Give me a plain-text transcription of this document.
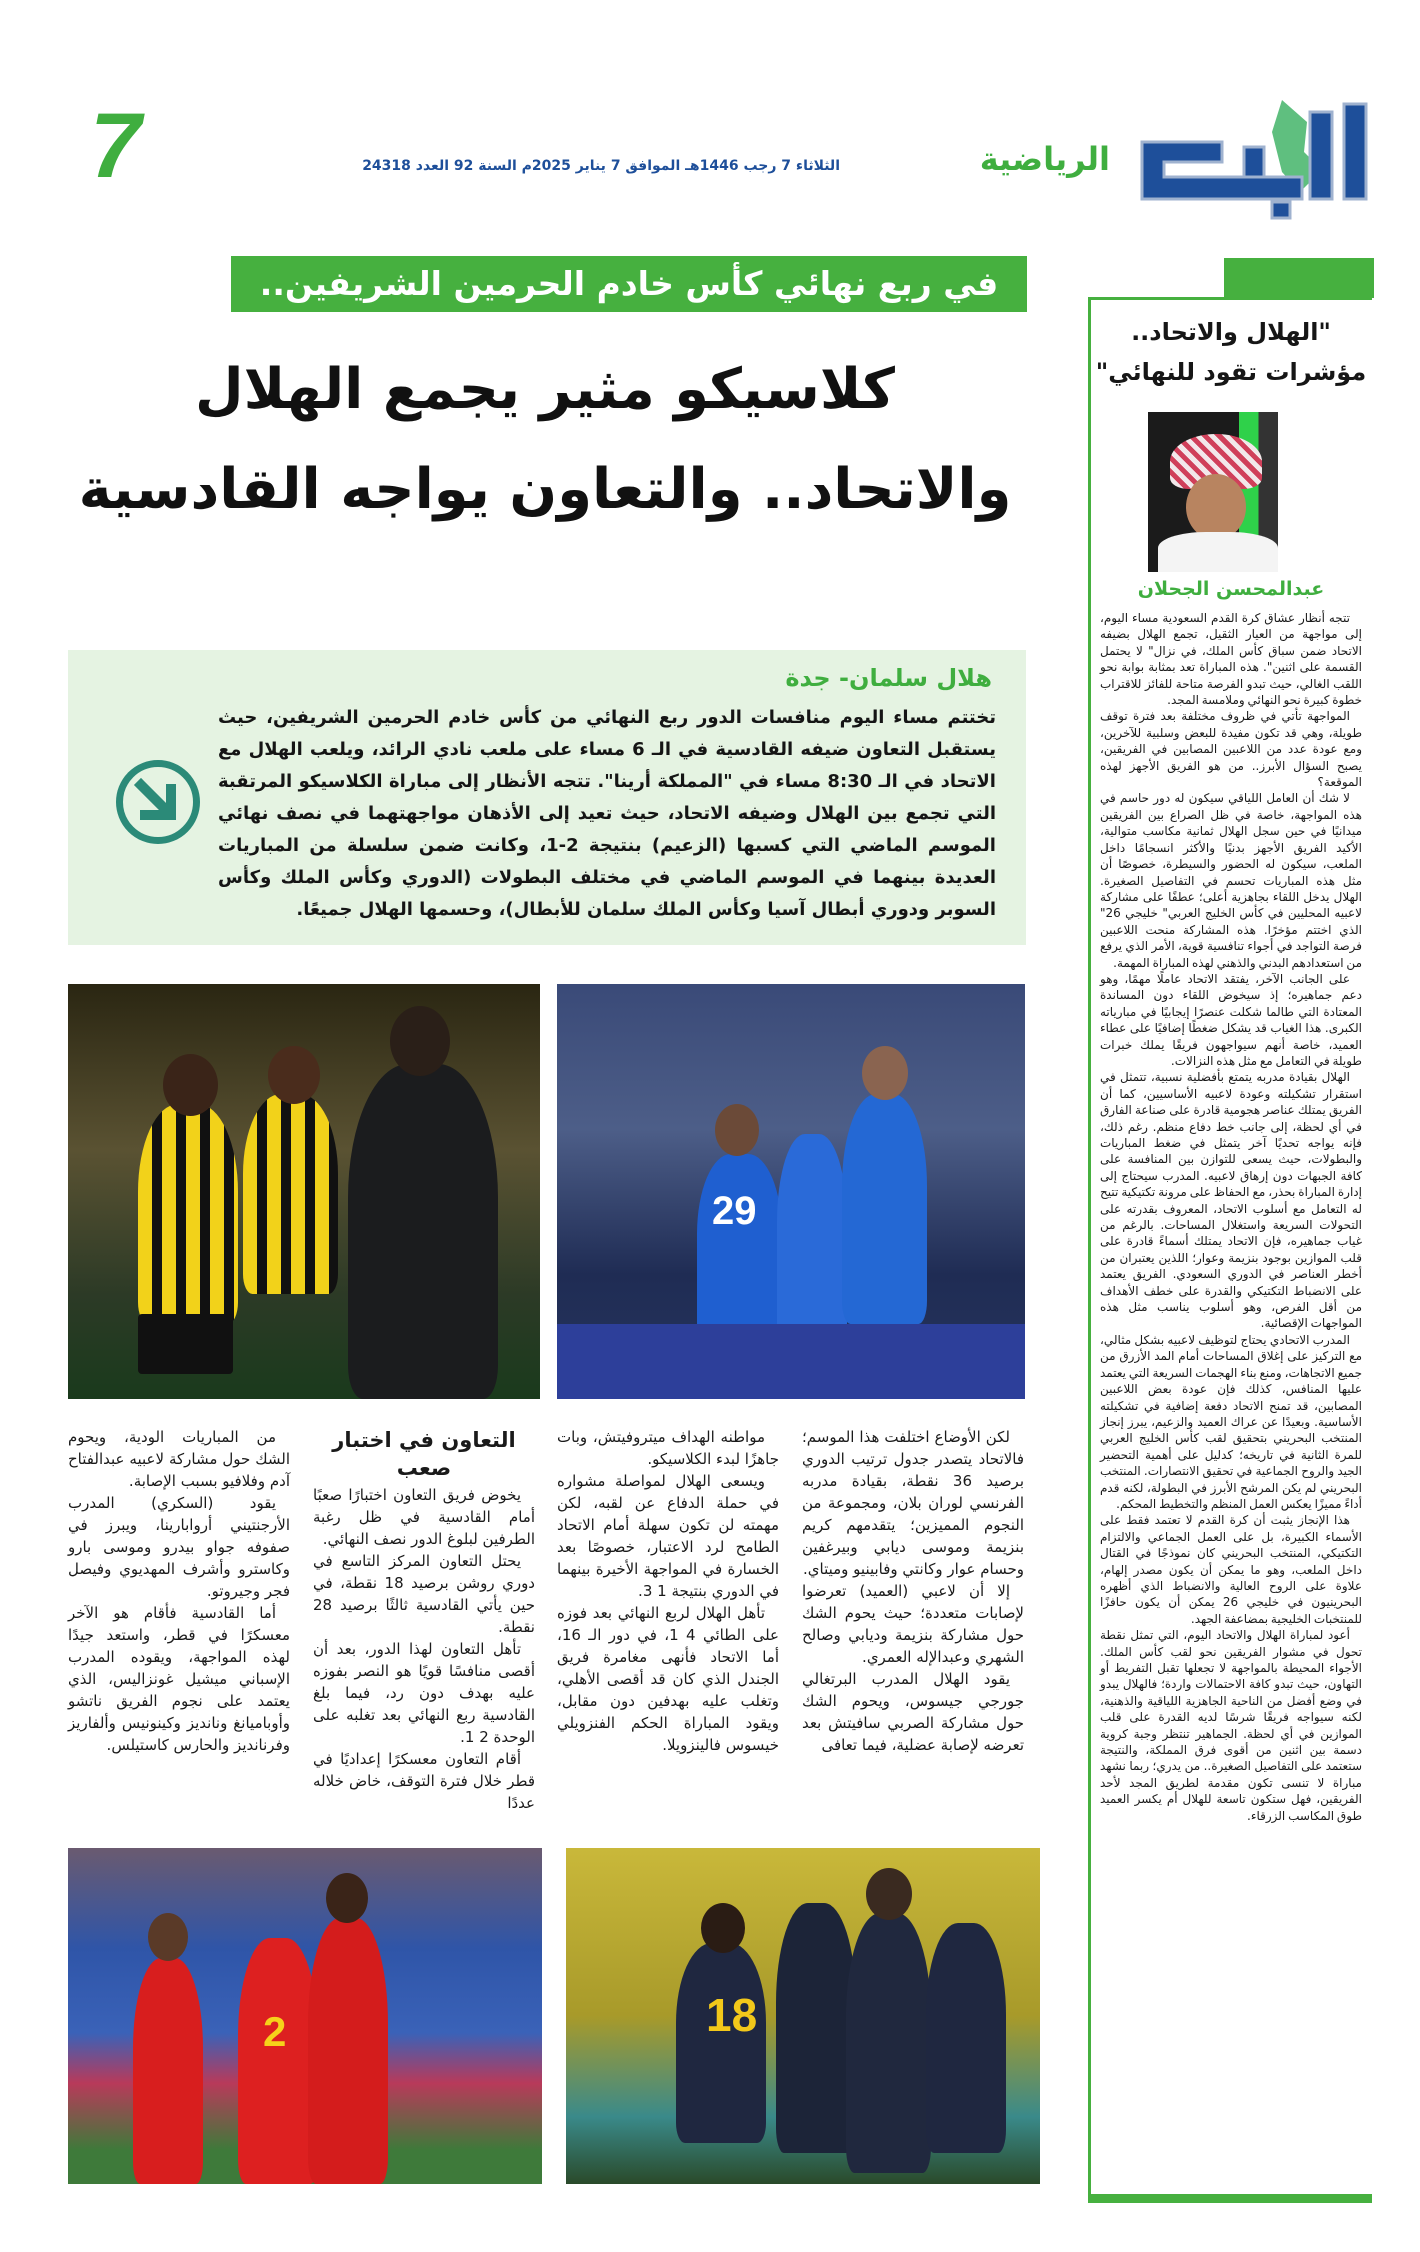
الرياضية
الثلاثاء 7 رجب 1446هـ الموافق 7 يناير 2025م السنة 92 العدد 24318
7
في ربع نهائي كأس خادم الحرمين الشريفين..
كلاسيكو مثير يجمع الهلال
والاتحاد.. والتعاون يواجه القادسية
هلال سلمان- جدة
تختتم مساء اليوم منافسات الدور ربع النهائي من كأس خادم الحرمين الشريفين، حيث يستقبل التعاون ضيفه القادسية في الـ 6 مساء على ملعب نادي الرائد، ويلعب الهلال مع الاتحاد في الـ 8:30 مساء في "المملكة أرينا". تتجه الأنظار إلى مباراة الكلاسيكو المرتقبة التي تجمع بين الهلال وضيفه الاتحاد، حيث تعيد إلى الأذهان مواجهتهما في نصف نهائي الموسم الماضي التي كسبها (الزعيم) بنتيجة 2-1، وكانت ضمن سلسلة من المباريات العديدة بينهما في الموسم الماضي في مختلف البطولات (الدوري وكأس الملك وكأس السوبر ودوري أبطال آسيا وكأس الملك سلمان للأبطال)، وحسمها الهلال جميعًا.
29

لكن الأوضاع اختلفت هذا الموسم؛ فالاتحاد يتصدر جدول ترتيب الدوري برصيد 36 نقطة، بقيادة مدربه الفرنسي لوران بلان، ومجموعة من النجوم المميزين؛ يتقدمهم كريم بنزيمة وموسى ديابي وبيرغفين وحسام عوار وكانتي وفابينيو وميتاي.

إلا أن لاعبي (العميد) تعرضوا لإصابات متعددة؛ حيث يحوم الشك حول مشاركة بنزيمة وديابي وصالح الشهري وعبدالإله العمري.

يقود الهلال المدرب البرتغالي جورجي جيسوس، ويحوم الشك حول مشاركة الصربي سافيتش بعد تعرضه لإصابة عضلية، فيما تعافى

مواطنه الهداف ميتروفيتش، وبات جاهزًا لبدء الكلاسيكو.

ويسعى الهلال لمواصلة مشواره في حملة الدفاع عن لقبه، لكن مهمته لن تكون سهلة أمام الاتحاد الطامح لرد الاعتبار، خصوصًا بعد الخسارة في المواجهة الأخيرة بينهما في الدوري بنتيجة 1 3.

تأهل الهلال لربع النهائي بعد فوزه على الطائي 4 1، في دور الـ 16، أما الاتحاد فأنهى مغامرة فريق الجندل الذي كان قد أقصى الأهلي، وتغلب عليه بهدفين دون مقابل، ويقود المباراة الحكم الفنزويلي خيسوس فالينزويلا.

التعاون في اختبار صعب

يخوض فريق التعاون اختبارًا صعبًا أمام القادسية في ظل رغبة الطرفين لبلوغ الدور نصف النهائي.

يحتل التعاون المركز التاسع في دوري روشن برصيد 18 نقطة، في حين يأتي القادسية ثالثًا برصيد 28 نقطة.

تأهل التعاون لهذا الدور، بعد أن أقصى منافسًا قويًا هو النصر بفوزه عليه بهدف دون رد، فيما بلغ القادسية ربع النهائي بعد تغلبه على الوحدة 2 1.

أقام التعاون معسكرًا إعداديًا في قطر خلال فترة التوقف، خاض خلاله عددًا

من المباريات الودية، ويحوم الشك حول مشاركة لاعبيه عبدالفتاح آدم وفلافيو بسبب الإصابة.

يقود (السكري) المدرب الأرجنتيني أروابارينا، ويبرز في صفوفه جواو بيدرو وموسى بارو وكاسترو وأشرف المهديوي وفيصل فجر وجيروتو.

أما القادسية فأقام هو الآخر معسكرًا في قطر، واستعد جيدًا لهذه المواجهة، ويقوده المدرب الإسباني ميشيل غونزاليس، الذي يعتمد على نجوم الفريق ناتشو وأوباميانغ ونانديز وكينونيس وألفاريز وفرنانديز والحارس كاستيلس.

2	18
"الهلال والاتحاد.. مؤشرات تقود للنهائي"
عبدالمحسن الجحلان

تتجه أنظار عشاق كرة القدم السعودية مساء اليوم، إلى مواجهة من العيار الثقيل، تجمع الهلال بضيفه الاتحاد ضمن سباق كأس الملك، في نزال" لا يحتمل القسمة على اثنين". هذه المباراة تعد بمثابة بوابة نحو اللقب الغالي، حيث تبدو الفرصة متاحة للفائز للاقتراب خطوة كبيرة نحو النهائي وملامسة المجد.

المواجهة تأتي في ظروف مختلفة بعد فترة توقف طويلة، وهي قد تكون مفيدة للبعض وسلبية للآخرين، ومع عودة عدد من اللاعبين المصابين في الفريقين، يصبح السؤال الأبرز.. من هو الفريق الأجهز لهذه الموقعة؟

لا شك أن العامل اللياقي سيكون له دور حاسم في هذه المواجهة، خاصة في ظل الصراع بين الفريقين ميدانيًا في حين سجل الهلال ثمانية مكاسب متوالية، الأكيد الفريق الأجهز بدنيًا والأكثر انسجامًا داخل الملعب، سيكون له الحضور والسيطرة، خصوصًا أن مثل هذه المباريات تحسم في التفاصيل الصغيرة. الهلال يدخل اللقاء بجاهزية أعلى؛ عطفًا على مشاركة لاعبيه المحليين في كأس الخليج العربي" خليجي 26" الذي اختتم مؤخرًا. هذه المشاركة منحت اللاعبين فرصة التواجد في أجواء تنافسية قوية، الأمر الذي يرفع من استعدادهم البدني والذهني لهذه المباراة المهمة.

على الجانب الآخر، يفتقد الاتحاد عاملًا مهمًا، وهو دعم جماهيره؛ إذ سيخوض اللقاء دون المساندة المعتادة التي طالما شكلت عنصرًا إيجابيًا في مبارياته الكبرى. هذا الغياب قد يشكل ضغطًا إضافيًا على عطاء العميد، خاصة أنهم سيواجهون فريقًا يملك خبرات طويلة في التعامل مع مثل هذه النزالات.

الهلال بقيادة مدربه يتمتع بأفضلية نسبية، تتمثل في استقرار تشكيلته وعودة لاعبيه الأساسيين، كما أن الفريق يمتلك عناصر هجومية قادرة على صناعة الفارق في أي لحظة، إلى جانب خط دفاع منظم. رغم ذلك، فإنه يواجه تحديًا آخر يتمثل في ضغط المباريات والبطولات، حيث يسعى للتوازن بين المنافسة على كافة الجبهات دون إرهاق لاعبيه. المدرب سيحتاج إلى إدارة المباراة بحذر، مع الحفاظ على مرونة تكتيكية تتيح له التعامل مع أسلوب الاتحاد، المعروف بقدرته على التحولات السريعة واستغلال المساحات. بالرغم من غياب جماهيره، فإن الاتحاد يمتلك أسماءً قادرة على قلب الموازين بوجود بنزيمة وعوار؛ اللذين يعتبران من أخطر العناصر في الدوري السعودي. الفريق يعتمد على الانضباط التكتيكي والقدرة على خطف الأهداف من أقل الفرص، وهو أسلوب يناسب مثل هذه المواجهات الإقصائية.

المدرب الاتحادي يحتاج لتوظيف لاعبيه بشكل مثالي، مع التركيز على إغلاق المساحات أمام المد الأزرق من جميع الاتجاهات، ومنع بناء الهجمات السريعة التي يعتمد عليها المنافس، كذلك فإن عودة بعض اللاعبين المصابين، قد تمنح الاتحاد دفعة إضافية في تشكيلته الأساسية. وبعيدًا عن عراك العميد والزعيم، يبرز إنجاز المنتخب البحريني بتحقيق لقب كأس الخليج العربي للمرة الثانية في تاريخه؛ كدليل على أهمية التحضير الجيد والروح الجماعية في تحقيق الانتصارات. المنتخب البحريني لم يكن المرشح الأبرز في البطولة، لكنه قدم أداءً مميزًا يعكس العمل المنظم والتخطيط المحكم.

هذا الإنجاز يثبت أن كرة القدم لا تعتمد فقط على الأسماء الكبيرة، بل على العمل الجماعي والالتزام التكتيكي، المنتخب البحريني كان نموذجًا في القتال داخل الملعب، وهو ما يمكن أن يكون مصدر إلهام، علاوة على الروح العالية والانضباط الذي أظهره البحرينيون في خليجي 26 يمكن أن يكون حافزًا للمنتخبات الخليجية بمضاعفة الجهد.

أعود لمباراة الهلال والاتحاد اليوم، التي تمثل نقطة تحول في مشوار الفريقين نحو لقب كأس الملك. الأجواء المحيطة بالمواجهة لا تجعلها تقبل التفريط أو التهاون، حيث تبدو كافة الاحتمالات واردة؛ فالهلال يبدو في وضع أفضل من الناحية الجاهزية اللياقية والذهنية، لكنه سيواجه فريقًا شرسًا لديه القدرة على قلب الموازين في أي لحظة. الجماهير تنتظر وجبة كروية دسمة بين اثنين من أقوى فرق المملكة، والنتيجة ستعتمد على التفاصيل الصغيرة.. من يدري؛ ربما نشهد مباراة لا تنسى تكون مقدمة لطريق المجد لأحد الفريقين، فهل ستكون تاسعة للهلال أم يكسر العميد طوق المكاسب الزرقاء.
